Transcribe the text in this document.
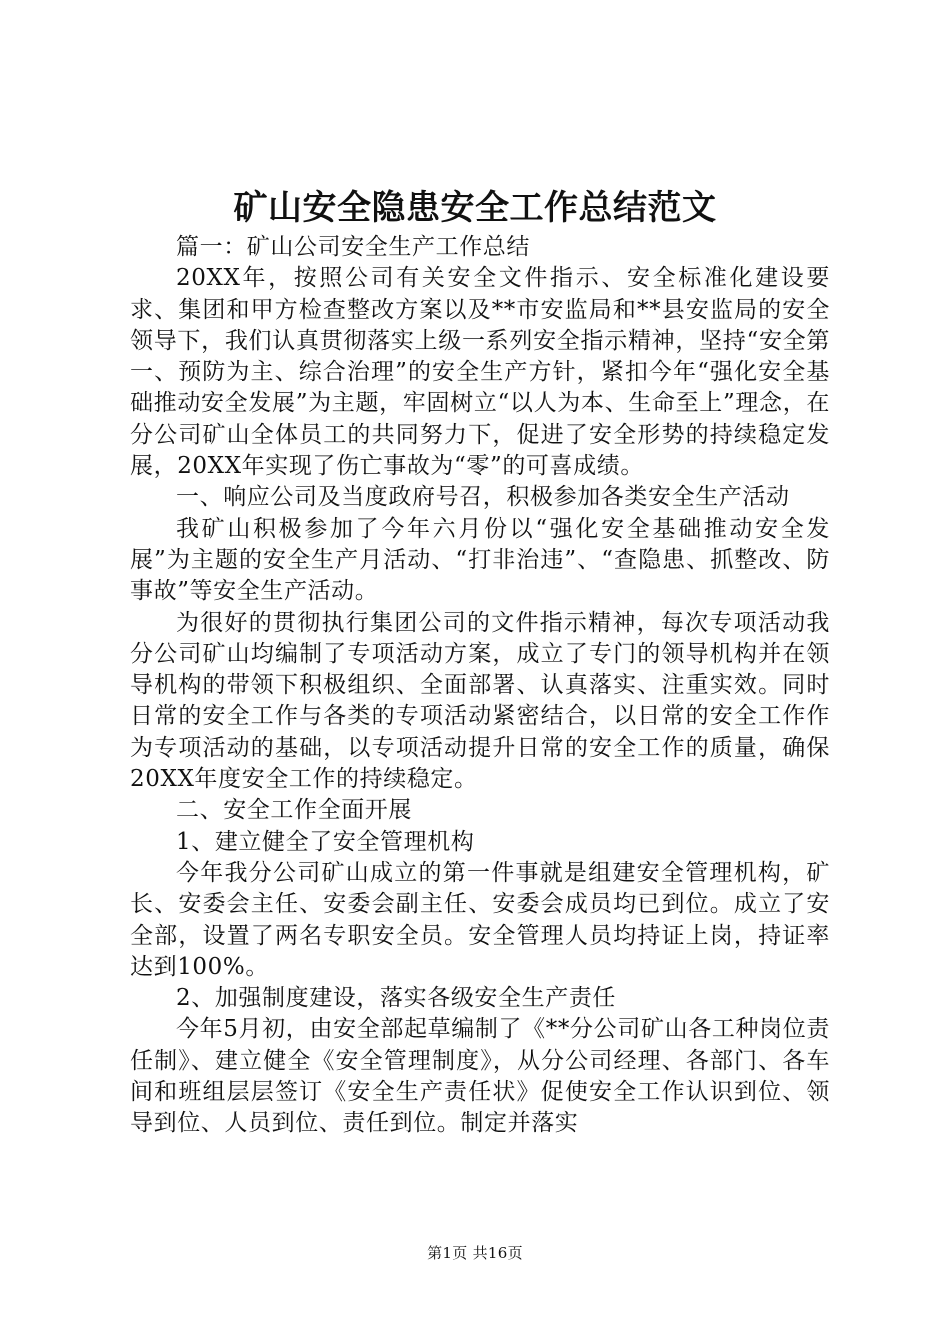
矿山安全隐患安全工作总结范文

篇一：矿山公司安全生产工作总结

20XX年，按照公司有关安全文件指示、安全标准化建设要求、集团和甲方检查整改方案以及**市安监局和**县安监局的安全领导下，我们认真贯彻落实上级一系列安全指示精神，坚持“安全第一、预防为主、综合治理”的安全生产方针，紧扣今年“强化安全基础推动安全发展”为主题，牢固树立“以人为本、生命至上”理念，在分公司矿山全体员工的共同努力下，促进了安全形势的持续稳定发展，20XX年实现了伤亡事故为“零”的可喜成绩。

一、响应公司及当度政府号召，积极参加各类安全生产活动

我矿山积极参加了今年六月份以“强化安全基础推动安全发展”为主题的安全生产月活动、“打非治违”、“查隐患、抓整改、防事故”等安全生产活动。

为很好的贯彻执行集团公司的文件指示精神，每次专项活动我分公司矿山均编制了专项活动方案，成立了专门的领导机构并在领导机构的带领下积极组织、全面部署、认真落实、注重实效。同时日常的安全工作与各类的专项活动紧密结合，以日常的安全工作作为专项活动的基础，以专项活动提升日常的安全工作的质量，确保20XX年度安全工作的持续稳定。

二、安全工作全面开展

1、建立健全了安全管理机构

今年我分公司矿山成立的第一件事就是组建安全管理机构，矿长、安委会主任、安委会副主任、安委会成员均已到位。成立了安全部，设置了两名专职安全员。安全管理人员均持证上岗，持证率达到100%。

2、加强制度建设，落实各级安全生产责任

今年5月初，由安全部起草编制了《**分公司矿山各工种岗位责任制》、建立健全《安全管理制度》，从分公司经理、各部门、各车间和班组层层签订《安全生产责任状》促使安全工作认识到位、领导到位、人员到位、责任到位。制定并落实

第1页 共16页
